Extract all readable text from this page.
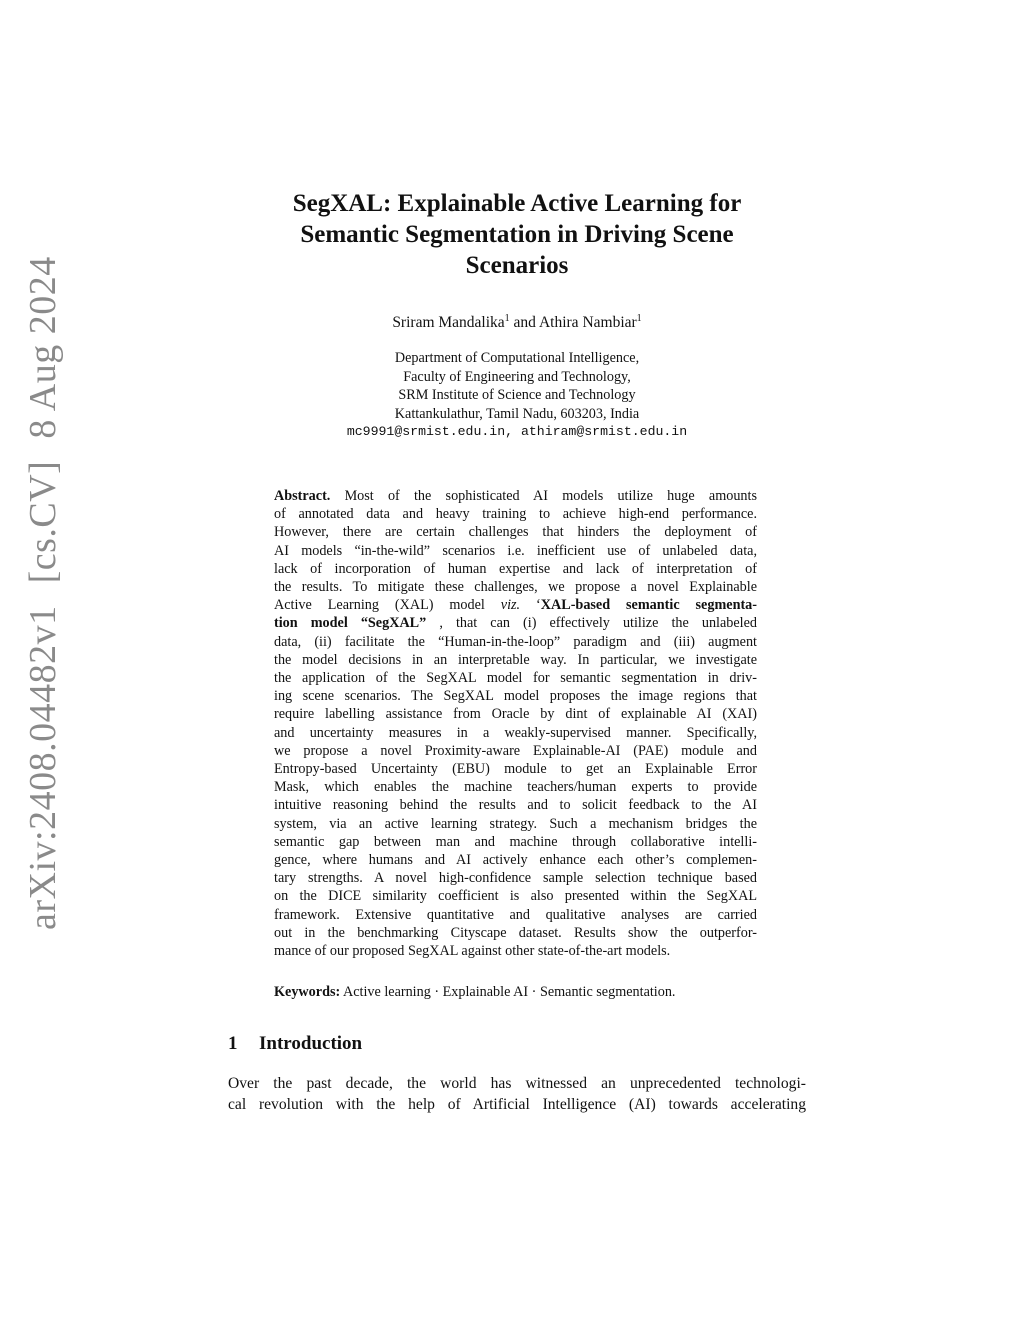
arXiv:2408.04482v1[cs.CV]8 Aug 2024
SegXAL: Explainable Active Learning for
Semantic Segmentation in Driving Scene
Scenarios
Sriram Mandalika$^1$ and Athira Nambiar$^1$
Department of Computational Intelligence,
Faculty of Engineering and Technology,
SRM Institute of Science and Technology
Kattankulathur, Tamil Nadu, 603203, India
mc9991@srmist.edu.in, athiram@srmist.edu.in
Abstract. Most of the sophisticated AI models utilize huge amounts
of annotated data and heavy training to achieve high-end performance.
However, there are certain challenges that hinders the deployment of
AI models “in-the-wild” scenarios i.e. inefficient use of unlabeled data,
lack of incorporation of human expertise and lack of interpretation of
the results. To mitigate these challenges, we propose a novel Explainable
Active Learning (XAL) model viz. ‘XAL-based semantic segmenta-
tion model “SegXAL” , that can (i) effectively utilize the unlabeled
data, (ii) facilitate the “Human-in-the-loop” paradigm and (iii) augment
the model decisions in an interpretable way. In particular, we investigate
the application of the SegXAL model for semantic segmentation in driv-
ing scene scenarios. The SegXAL model proposes the image regions that
require labelling assistance from Oracle by dint of explainable AI (XAI)
and uncertainty measures in a weakly-supervised manner. Specifically,
we propose a novel Proximity-aware Explainable-AI (PAE) module and
Entropy-based Uncertainty (EBU) module to get an Explainable Error
Mask, which enables the machine teachers/human experts to provide
intuitive reasoning behind the results and to solicit feedback to the AI
system, via an active learning strategy. Such a mechanism bridges the
semantic gap between man and machine through collaborative intelli-
gence, where humans and AI actively enhance each other’s complemen-
tary strengths. A novel high-confidence sample selection technique based
on the DICE similarity coefficient is also presented within the SegXAL
framework. Extensive quantitative and qualitative analyses are carried
out in the benchmarking Cityscape dataset. Results show the outperfor-
mance of our proposed SegXAL against other state-of-the-art models.
Keywords: Active learning · Explainable AI · Semantic segmentation.
1 Introduction
Over the past decade, the world has witnessed an unprecedented technologi-
cal revolution with the help of Artificial Intelligence (AI) towards accelerating
